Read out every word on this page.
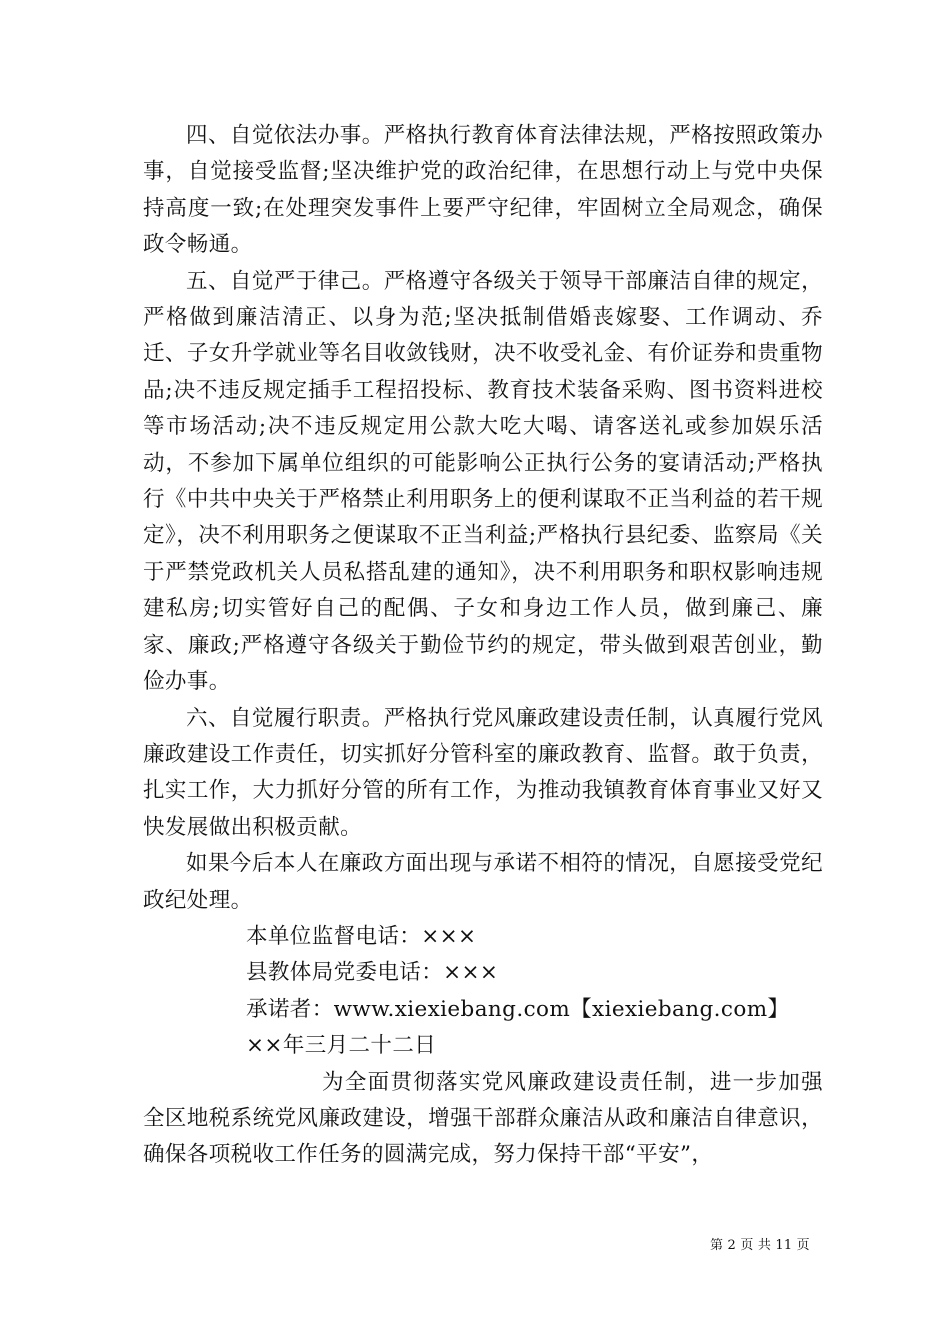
四、自觉依法办事。严格执行教育体育法律法规，严格按照政策办事，自觉接受监督;坚决维护党的政治纪律，在思想行动上与党中央保持高度一致;在处理突发事件上要严守纪律，牢固树立全局观念，确保政令畅通。

五、自觉严于律己。严格遵守各级关于领导干部廉洁自律的规定，严格做到廉洁清正、以身为范;坚决抵制借婚丧嫁娶、工作调动、乔迁、子女升学就业等名目收敛钱财，决不收受礼金、有价证券和贵重物品;决不违反规定插手工程招投标、教育技术装备采购、图书资料进校等市场活动;决不违反规定用公款大吃大喝、请客送礼或参加娱乐活动，不参加下属单位组织的可能影响公正执行公务的宴请活动;严格执行《中共中央关于严格禁止利用职务上的便利谋取不正当利益的若干规定》，决不利用职务之便谋取不正当利益;严格执行县纪委、监察局《关于严禁党政机关人员私搭乱建的通知》，决不利用职务和职权影响违规建私房;切实管好自己的配偶、子女和身边工作人员，做到廉己、廉家、廉政;严格遵守各级关于勤俭节约的规定，带头做到艰苦创业，勤俭办事。

六、自觉履行职责。严格执行党风廉政建设责任制，认真履行党风廉政建设工作责任，切实抓好分管科室的廉政教育、监督。敢于负责，扎实工作，大力抓好分管的所有工作，为推动我镇教育体育事业又好又快发展做出积极贡献。

如果今后本人在廉政方面出现与承诺不相符的情况，自愿接受党纪政纪处理。

本单位监督电话：×××

县教体局党委电话：×××

承诺者：www.xiexiebang.com【xiexiebang.com】

××年三月二十二日

为全面贯彻落实党风廉政建设责任制，进一步加强全区地税系统党风廉政建设，增强干部群众廉洁从政和廉洁自律意识，确保各项税收工作任务的圆满完成，努力保持干部“平安”，

第 2 页 共 11 页
